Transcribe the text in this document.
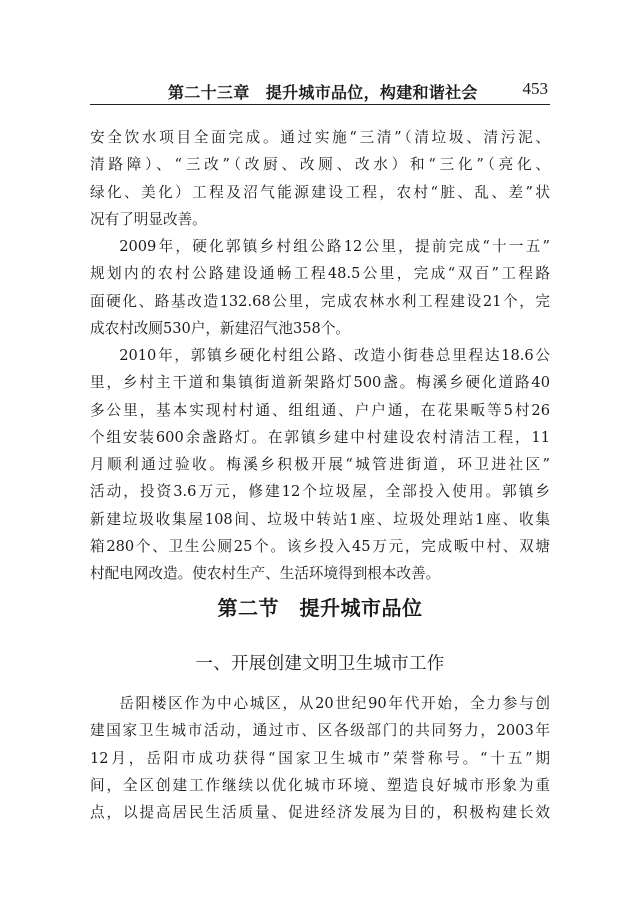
第二十三章　提升城市品位，构建和谐社会	453
安全饮水项目全面完成。通过实施“三清”（清垃圾、清污泥、
清路障）、“三改”（改厨、改厕、改水）和“三化”（亮化、
绿化、美化）工程及沼气能源建设工程，农村“脏、乱、差”状
况有了明显改善。
2009年，硬化郭镇乡村组公路12公里，提前完成“十一五”
规划内的农村公路建设通畅工程48.5公里，完成“双百”工程路
面硬化、路基改造132.68公里，完成农林水利工程建设21个，完
成农村改厕530户，新建沼气池358个。
2010年，郭镇乡硬化村组公路、改造小街巷总里程达18.6公
里，乡村主干道和集镇街道新架路灯500盏。梅溪乡硬化道路40
多公里，基本实现村村通、组组通、户户通，在花果畈等5村26
个组安装600余盏路灯。在郭镇乡建中村建设农村清洁工程，11
月顺利通过验收。梅溪乡积极开展“城管进街道，环卫进社区”
活动，投资3.6万元，修建12个垃圾屋，全部投入使用。郭镇乡
新建垃圾收集屋108间、垃圾中转站1座、垃圾处理站1座、收集
箱280个、卫生公厕25个。该乡投入45万元，完成畈中村、双塘
村配电网改造。使农村生产、生活环境得到根本改善。
第二节　提升城市品位
一、开展创建文明卫生城市工作
岳阳楼区作为中心城区，从20世纪90年代开始，全力参与创
建国家卫生城市活动，通过市、区各级部门的共同努力，2003年
12月，岳阳市成功获得“国家卫生城市”荣誉称号。“十五”期
间，全区创建工作继续以优化城市环境、塑造良好城市形象为重
点，以提高居民生活质量、促进经济发展为目的，积极构建长效
